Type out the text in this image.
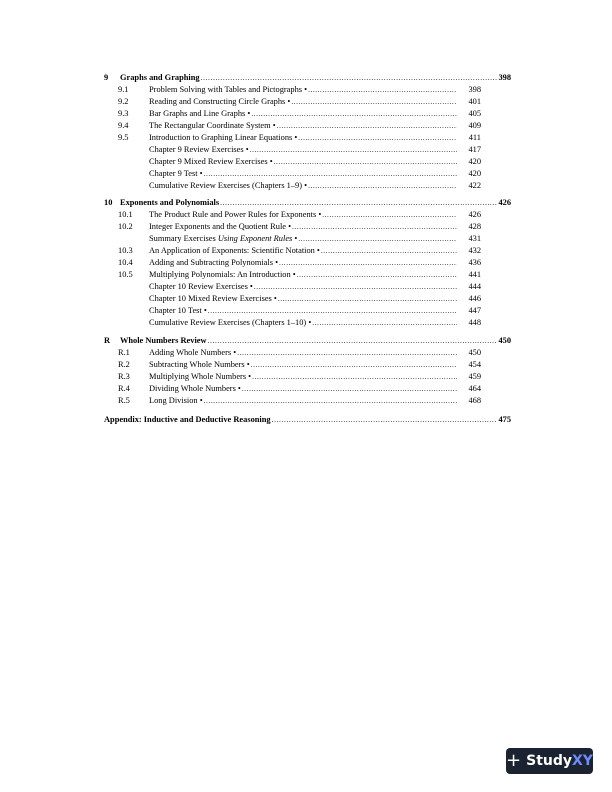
9 Graphs and Graphing .....	398
9.1 Problem Solving with Tables and Pictographs • .....	398
9.2 Reading and Constructing Circle Graphs • .....	401
9.3 Bar Graphs and Line Graphs • .....	405
9.4 The Rectangular Coordinate System • .....	409
9.5 Introduction to Graphing Linear Equations • .....	411
Chapter 9 Review Exercises • .....	417
Chapter 9 Mixed Review Exercises • .....	420
Chapter 9 Test • .....	420
Cumulative Review Exercises (Chapters 1–9) • .....	422
10 Exponents and Polynomials .....	426
10.1 The Product Rule and Power Rules for Exponents • .....	426
10.2 Integer Exponents and the Quotient Rule • .....	428
Summary Exercises Using Exponent Rules • .....	431
10.3 An Application of Exponents: Scientific Notation • .....	432
10.4 Adding and Subtracting Polynomials • .....	436
10.5 Multiplying Polynomials: An Introduction • .....	441
Chapter 10 Review Exercises • .....	444
Chapter 10 Mixed Review Exercises • .....	446
Chapter 10 Test • .....	447
Cumulative Review Exercises (Chapters 1–10) • .....	448
R Whole Numbers Review .....	450
R.1 Adding Whole Numbers • .....	450
R.2 Subtracting Whole Numbers • .....	454
R.3 Multiplying Whole Numbers • .....	459
R.4 Dividing Whole Numbers • .....	464
R.5 Long Division • .....	468
Appendix: Inductive and Deductive Reasoning .....	475
+ Study XY
